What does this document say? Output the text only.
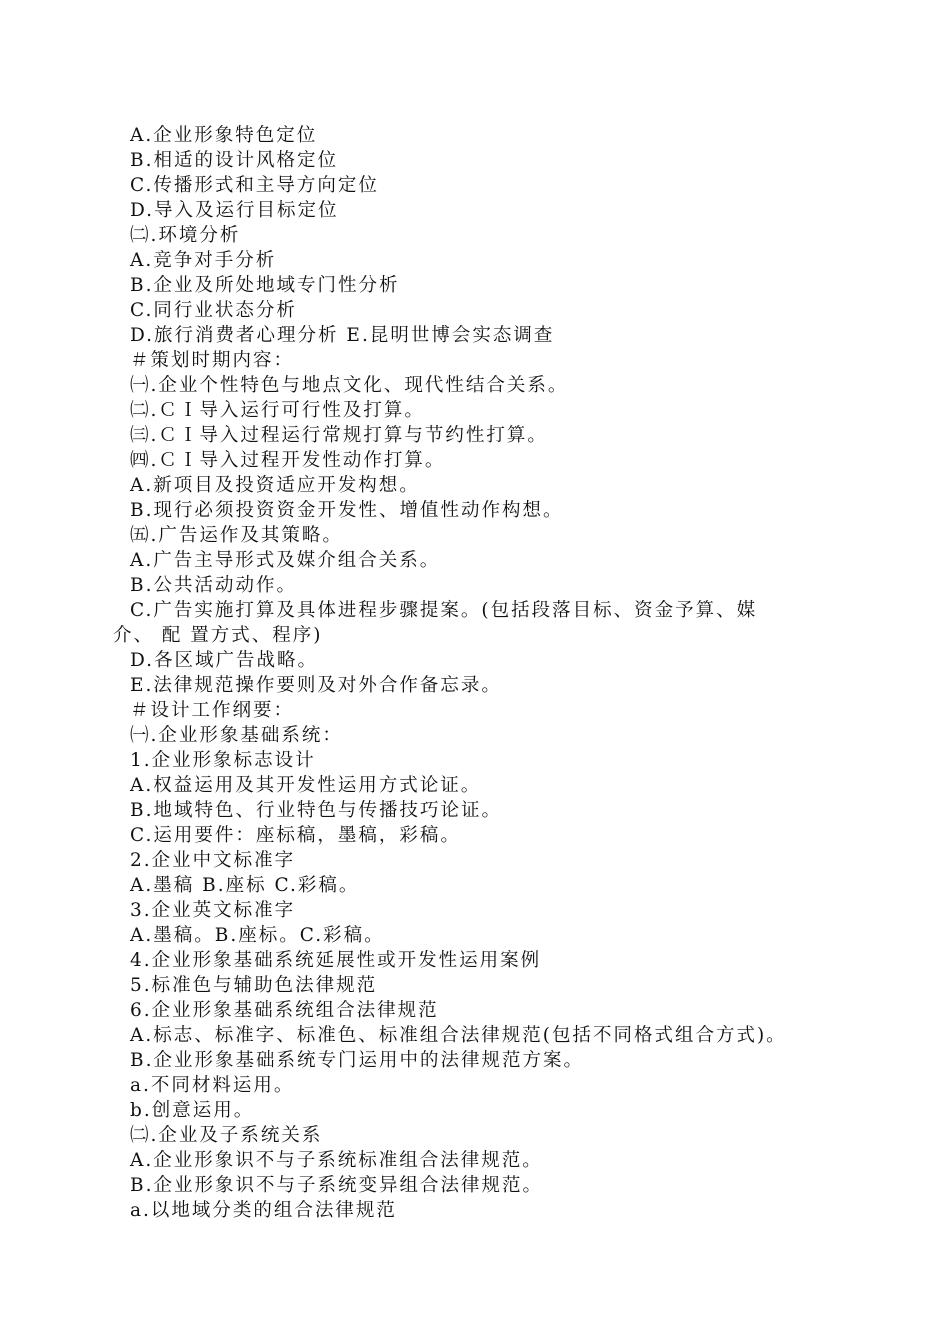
A.企业形象特色定位
B.相适的设计风格定位
C.传播形式和主导方向定位
D.导入及运行目标定位
㈡.环境分析
A.竞争对手分析
B.企业及所处地域专门性分析
C.同行业状态分析
D.旅行消费者心理分析 E.昆明世博会实态调查
＃策划时期内容：
㈠.企业个性特色与地点文化、现代性结合关系。
㈡.ＣＩ导入运行可行性及打算。
㈢.ＣＩ导入过程运行常规打算与节约性打算。
㈣.ＣＩ导入过程开发性动作打算。
A.新项目及投资适应开发构想。
B.现行必须投资资金开发性、增值性动作构想。
㈤.广告运作及其策略。
A.广告主导形式及媒介组合关系。
B.公共活动动作。
C.广告实施打算及具体进程步骤提案。(包括段落目标、资金予算、媒
介、 配 置方式、程序)
D.各区域广告战略。
E.法律规范操作要则及对外合作备忘录。
＃设计工作纲要：
㈠.企业形象基础系统：
1.企业形象标志设计
A.权益运用及其开发性运用方式论证。
B.地域特色、行业特色与传播技巧论证。
C.运用要件：座标稿，墨稿，彩稿。
2.企业中文标准字
A.墨稿 B.座标 C.彩稿。
3.企业英文标准字
A.墨稿。B.座标。C.彩稿。
4.企业形象基础系统延展性或开发性运用案例
5.标准色与辅助色法律规范
6.企业形象基础系统组合法律规范
A.标志、标准字、标准色、标准组合法律规范(包括不同格式组合方式)。
B.企业形象基础系统专门运用中的法律规范方案。
a.不同材料运用。
b.创意运用。
㈡.企业及子系统关系
A.企业形象识不与子系统标准组合法律规范。
B.企业形象识不与子系统变异组合法律规范。
a.以地域分类的组合法律规范
